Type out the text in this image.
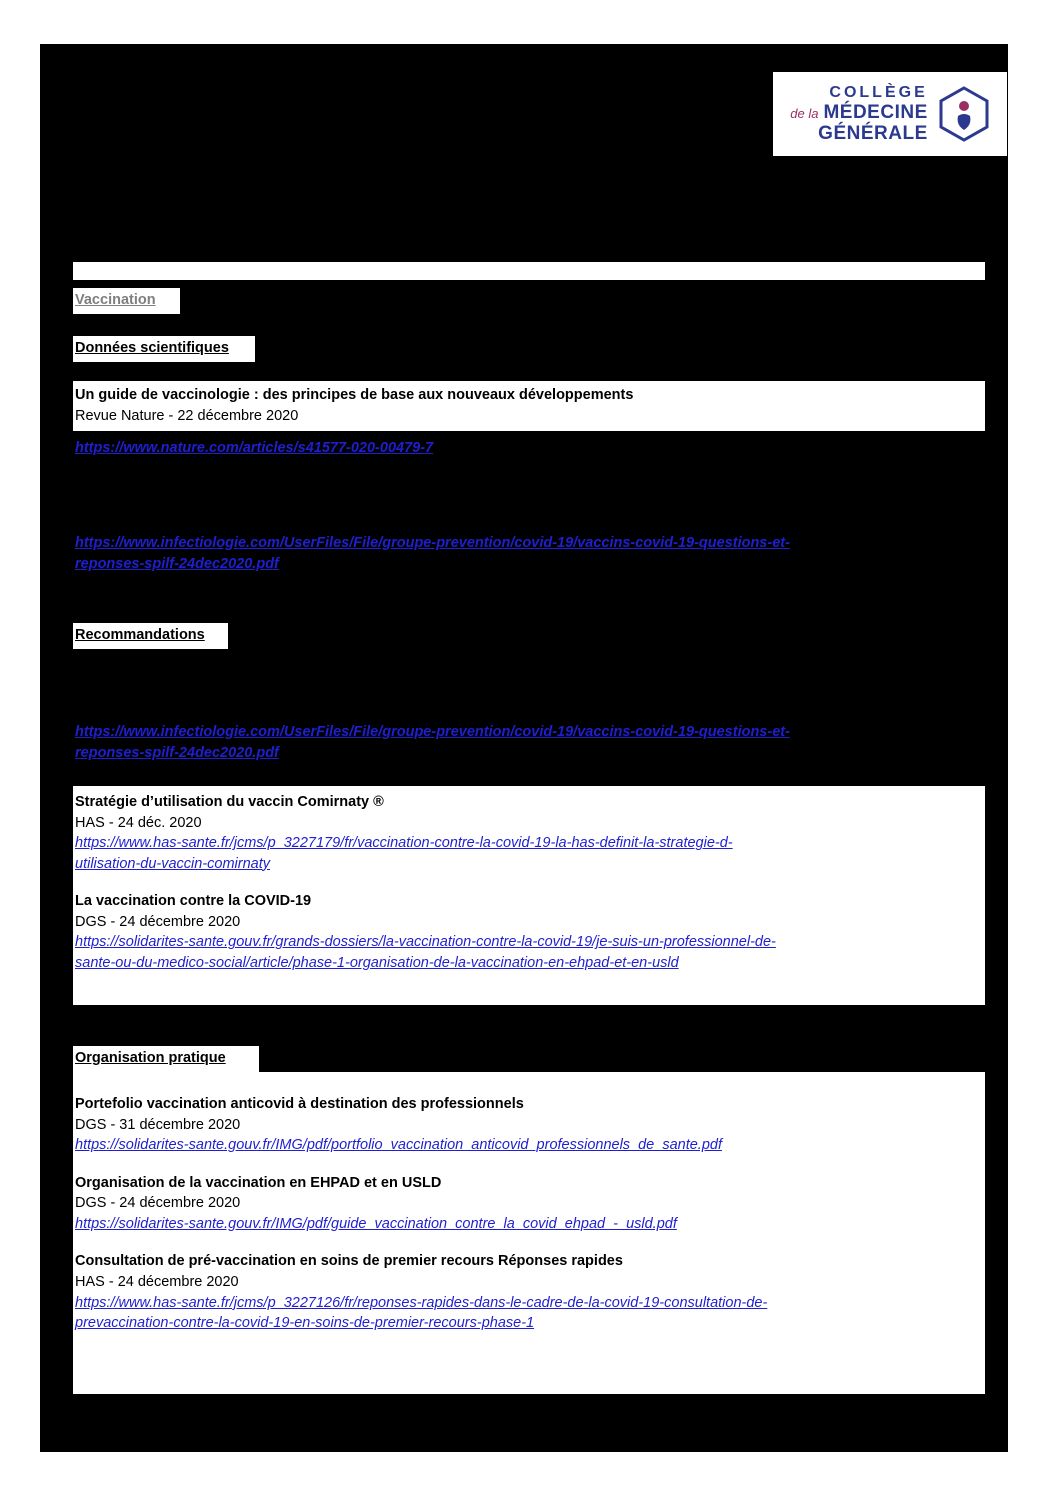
COLLÈGE
de la MÉDECINE
GÉNÉRALE
Vaccination
Données scientifiques
Un guide de vaccinologie : des principes de base aux nouveaux développements
Revue Nature - 22 décembre 2020
https://www.nature.com/articles/s41577-020-00479-7
https://www.infectiologie.com/UserFiles/File/groupe-prevention/covid-19/vaccins-covid-19-questions-et-
reponses-spilf-24dec2020.pdf
Recommandations
https://www.infectiologie.com/UserFiles/File/groupe-prevention/covid-19/vaccins-covid-19-questions-et-
reponses-spilf-24dec2020.pdf
Stratégie d’utilisation du vaccin Comirnaty ®
HAS - 24 déc. 2020
https://www.has-sante.fr/jcms/p_3227179/fr/vaccination-contre-la-covid-19-la-has-definit-la-strategie-d-
utilisation-du-vaccin-comirnaty
La vaccination contre la COVID-19
DGS - 24 décembre 2020
https://solidarites-sante.gouv.fr/grands-dossiers/la-vaccination-contre-la-covid-19/je-suis-un-professionnel-de-
sante-ou-du-medico-social/article/phase-1-organisation-de-la-vaccination-en-ehpad-et-en-usld
Organisation pratique
Portefolio vaccination anticovid à destination des professionnels
DGS - 31 décembre 2020
https://solidarites-sante.gouv.fr/IMG/pdf/portfolio_vaccination_anticovid_professionnels_de_sante.pdf
Organisation de la vaccination en EHPAD et en USLD
DGS - 24 décembre 2020
https://solidarites-sante.gouv.fr/IMG/pdf/guide_vaccination_contre_la_covid_ehpad_-_usld.pdf
Consultation de pré-vaccination en soins de premier recours Réponses rapides
HAS - 24 décembre 2020
https://www.has-sante.fr/jcms/p_3227126/fr/reponses-rapides-dans-le-cadre-de-la-covid-19-consultation-de-
prevaccination-contre-la-covid-19-en-soins-de-premier-recours-phase-1
